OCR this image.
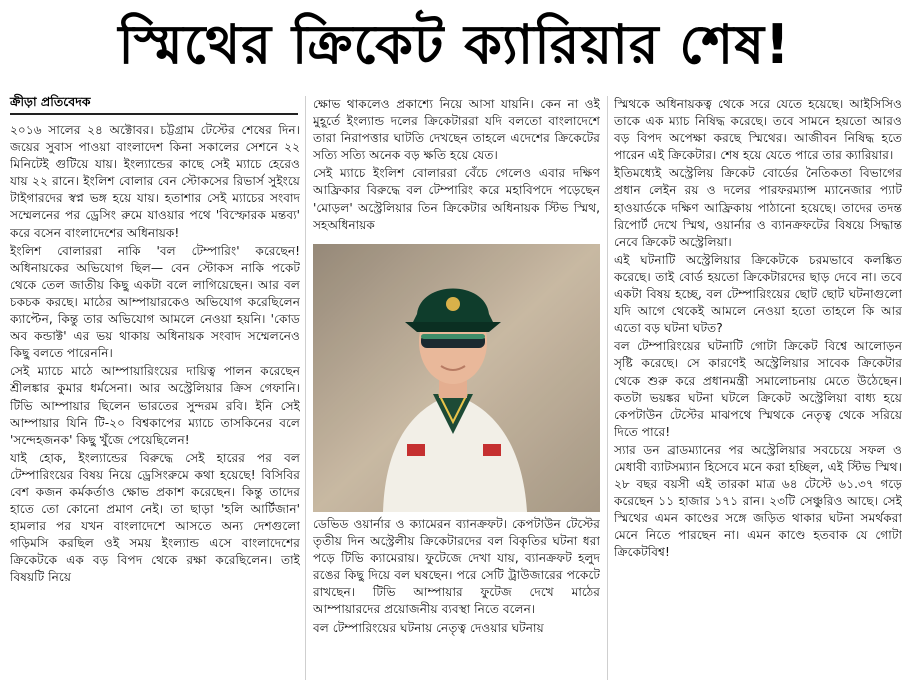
স্মিথের ক্রিকেট ক্যারিয়ার শেষ!
ক্রীড়া প্রতিবেদক

২০১৬ সালের ২৪ অক্টোবর। চট্টগ্রাম টেস্টের শেষের দিন। জয়ের সুবাস পাওয়া বাংলাদেশ কিনা সকালের সেশনে ২২ মিনিটেই গুটিয়ে যায়। ইংল্যান্ডের কাছে সেই ম্যাচে হেরেও যায় ২২ রানে। ইংলিশ বোলার বেন স্টোকসের রিভার্স সুইংয়ে টাইগারদের স্বপ্ন ভঙ্গ হয়ে যায়। হতাশার সেই ম্যাচের সংবাদ সম্মেলনের পর ড্রেসিং রুমে যাওয়ার পথে 'বিস্ফোরক মন্তব্য' করে বসেন বাংলাদেশের অধিনায়ক!

ইংলিশ বোলাররা নাকি 'বল টেম্পারিং' করেছেন! অধিনায়কের অভিযোগ ছিল— বেন স্টোকস নাকি পকেট থেকে তেল জাতীয় কিছু একটা বলে লাগিয়েছেন। আর বল চকচক করছে। মাঠের আম্পায়ারকেও অভিযোগ করেছিলেন ক্যাপ্টেন, কিন্তু তার অভিযোগ আমলে নেওয়া হয়নি। 'কোড অব কন্ডাক্ট' এর ভয় থাকায় অধিনায়ক সংবাদ সম্মেলনেও কিছু বলতে পারেননি।

সেই ম্যাচে মাঠে আম্পায়ারিংয়ের দায়িত্ব পালন করেছেন শ্রীলঙ্কার কুমার ধর্মসেনা। আর অস্ট্রেলিয়ার ক্রিস গেফানি। টিভি আম্পায়ার ছিলেন ভারতের সুন্দরম রবি। ইনি সেই আম্পায়ার যিনি টি-২০ বিশ্বকাপের ম্যাচে তাসকিনের বলে 'সন্দেহজনক' কিছু খুঁজে পেয়েছিলেন!

যাই হোক, ইংল্যান্ডের বিরুদ্ধে সেই হারের পর বল টেম্পারিংয়ের বিষয় নিয়ে ড্রেসিংরুমে কথা হয়েছে! বিসিবির বেশ কজন কর্মকর্তাও ক্ষোভ প্রকাশ করেছেন। কিন্তু তাদের হাতে তো কোনো প্রমাণ নেই। তা ছাড়া 'হলি আর্টিজান' হামলার পর যখন বাংলাদেশে আসতে অন্য দেশগুলো গড়িমসি করছিল ওই সময় ইংল্যান্ড এসে বাংলাদেশের ক্রিকেটকে এক বড় বিপদ থেকে রক্ষা করেছিলেন। তাই বিষয়টি নিয়ে

ক্ষোভ থাকলেও প্রকাশ্যে নিয়ে আসা যায়নি। কেন না ওই মুহূর্তে ইংল্যান্ড দলের ক্রিকেটাররা যদি বলতো বাংলাদেশে তারা নিরাপত্তার ঘাটতি দেখছেন তাহলে এদেশের ক্রিকেটের সত্যি সত্যি অনেক বড় ক্ষতি হয়ে যেত।

সেই ম্যাচে ইংলিশ বোলাররা বেঁচে গেলেও এবার দক্ষিণ আফ্রিকার বিরুদ্ধে বল টেম্পারিং করে মহাবিপদে পড়েছেন 'মোড়ল' অস্ট্রেলিয়ার তিন ক্রিকেটার অধিনায়ক স্টিভ স্মিথ, সহঅধিনায়ক

ডেভিড ওয়ার্নার ও ক্যামেরন ব্যানক্রফট। কেপটাউন টেস্টের তৃতীয় দিন অস্ট্রেলীয় ক্রিকেটারদের বল বিকৃতির ঘটনা ধরা পড়ে টিভি ক্যামেরায়। ফুটেজে দেখা যায়, ব্যানক্রফট হলুদ রঙের কিছু দিয়ে বল ঘষছেন। পরে সেটি ট্রাউজারের পকেটে রাখছেন। টিভি আম্পায়ার ফুটেজ দেখে মাঠের আম্পায়ারদের প্রয়োজনীয় ব্যবস্থা নিতে বলেন।

বল টেম্পারিংয়ের ঘটনায় নেতৃত্ব দেওয়ার ঘটনায়

স্মিথকে অধিনায়কত্ব থেকে সরে যেতে হয়েছে। আইসিসিও তাকে এক ম্যাচ নিষিদ্ধ করেছে। তবে সামনে হয়তো আরও বড় বিপদ অপেক্ষা করছে স্মিথের। আজীবন নিষিদ্ধ হতে পারেন এই ক্রিকেটার। শেষ হয়ে যেতে পারে তার ক্যারিয়ার।

ইতিমধ্যেই অস্ট্রেলিয় ক্রিকেট বোর্ডের নৈতিকতা বিভাগের প্রধান লেইন রয় ও দলের পারফরম্যান্স ম্যানেজার প্যাট হাওয়ার্ডকে দক্ষিণ আফ্রিকায় পাঠানো হয়েছে। তাদের তদন্ত রিপোর্ট দেখে স্মিথ, ওয়ার্নার ও ব্যানক্রফটের বিষয়ে সিদ্ধান্ত নেবে ক্রিকেট অস্ট্রেলিয়া।

এই ঘটনাটি অস্ট্রেলিয়ার ক্রিকেটকে চরমভাবে কলঙ্কিত করেছে। তাই বোর্ড হয়তো ক্রিকেটারদের ছাড় দেবে না। তবে একটা বিষয় হচ্ছে, বল টেম্পারিংয়ের ছোট ছোট ঘটনাগুলো যদি আগে থেকেই আমলে নেওয়া হতো তাহলে কি আর এতো বড় ঘটনা ঘটত?

বল টেম্পারিংয়ের ঘটনাটি গোটা ক্রিকেট বিশ্বে আলোড়ন সৃষ্টি করেছে। সে কারণেই অস্ট্রেলিয়ার সাবেক ক্রিকেটার থেকে শুরু করে প্রধানমন্ত্রী সমালোচনায় মেতে উঠেছেন। কতটা ভয়ঙ্কর ঘটনা ঘটলে ক্রিকেট অস্ট্রেলিয়া বাধ্য হয়ে কেপটাউন টেস্টের মাঝপথে স্মিথকে নেতৃত্ব থেকে সরিয়ে দিতে পারে!

স্যার ডন ব্রাডম্যানের পর অস্ট্রেলিয়ার সবচেয়ে সফল ও মেধাবী ব্যাটসম্যান হিসেবে মনে করা হচ্ছিল, এই স্টিভ স্মিথ। ২৮ বছর বয়সী এই তারকা মাত্র ৬৪ টেস্টে ৬১.৩৭ গড়ে করেছেন ১১ হাজার ১৭১ রান। ২৩টি সেঞ্চুরিও আছে। সেই স্মিথের এমন কাণ্ডের সঙ্গে জড়িত থাকার ঘটনা সমর্থকরা মেনে নিতে পারছেন না। এমন কাণ্ডে হতবাক যে গোটা ক্রিকেটবিশ্ব!
